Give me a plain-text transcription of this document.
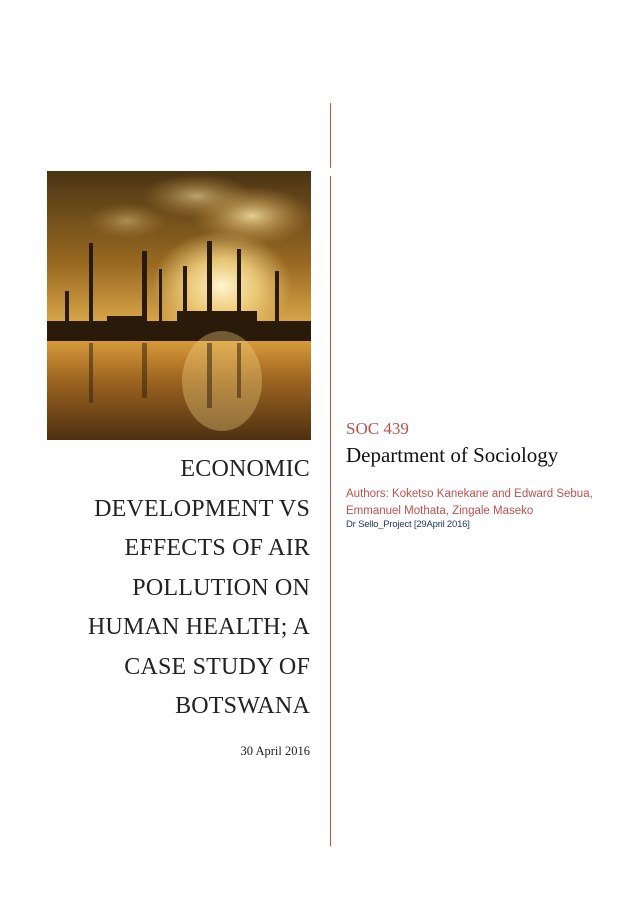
ECONOMIC
DEVELOPMENT VS
EFFECTS OF AIR
POLLUTION ON
HUMAN HEALTH; A
CASE STUDY OF
BOTSWANA
30 April 2016
SOC 439
Department of Sociology
Authors: Koketso Kanekane and Edward Sebua, Emmanuel Mothata, Zingale Maseko
Dr Sello_Project [29April 2016]
